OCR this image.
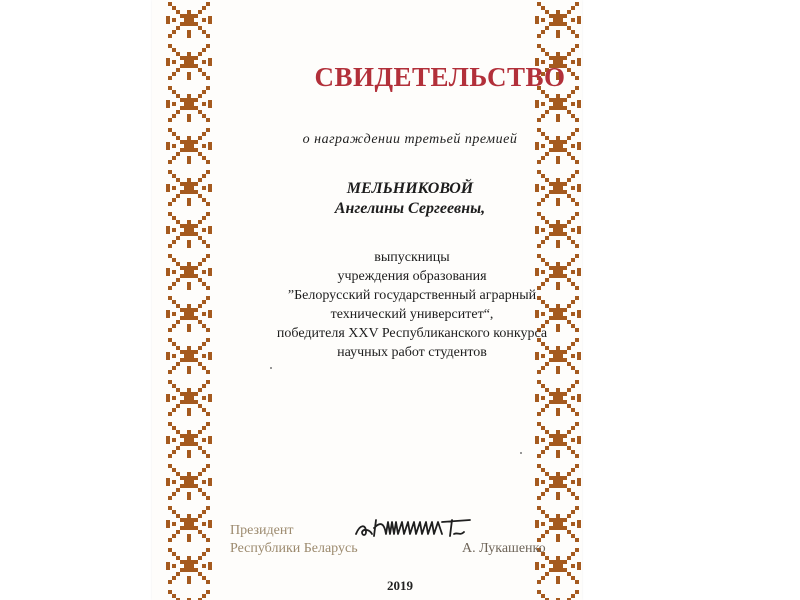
СВИДЕТЕЛЬСТВО
о награждении третьей премией
МЕЛЬНИКОВОЙ
Ангелины Сергеевны,
выпускницы
учреждения образования
”Белорусский государственный аграрный
технический университет“,
победителя XXV Республиканского конкурса
научных работ студентов
Президент
Республики Беларусь	А. Лукашенко
2019
